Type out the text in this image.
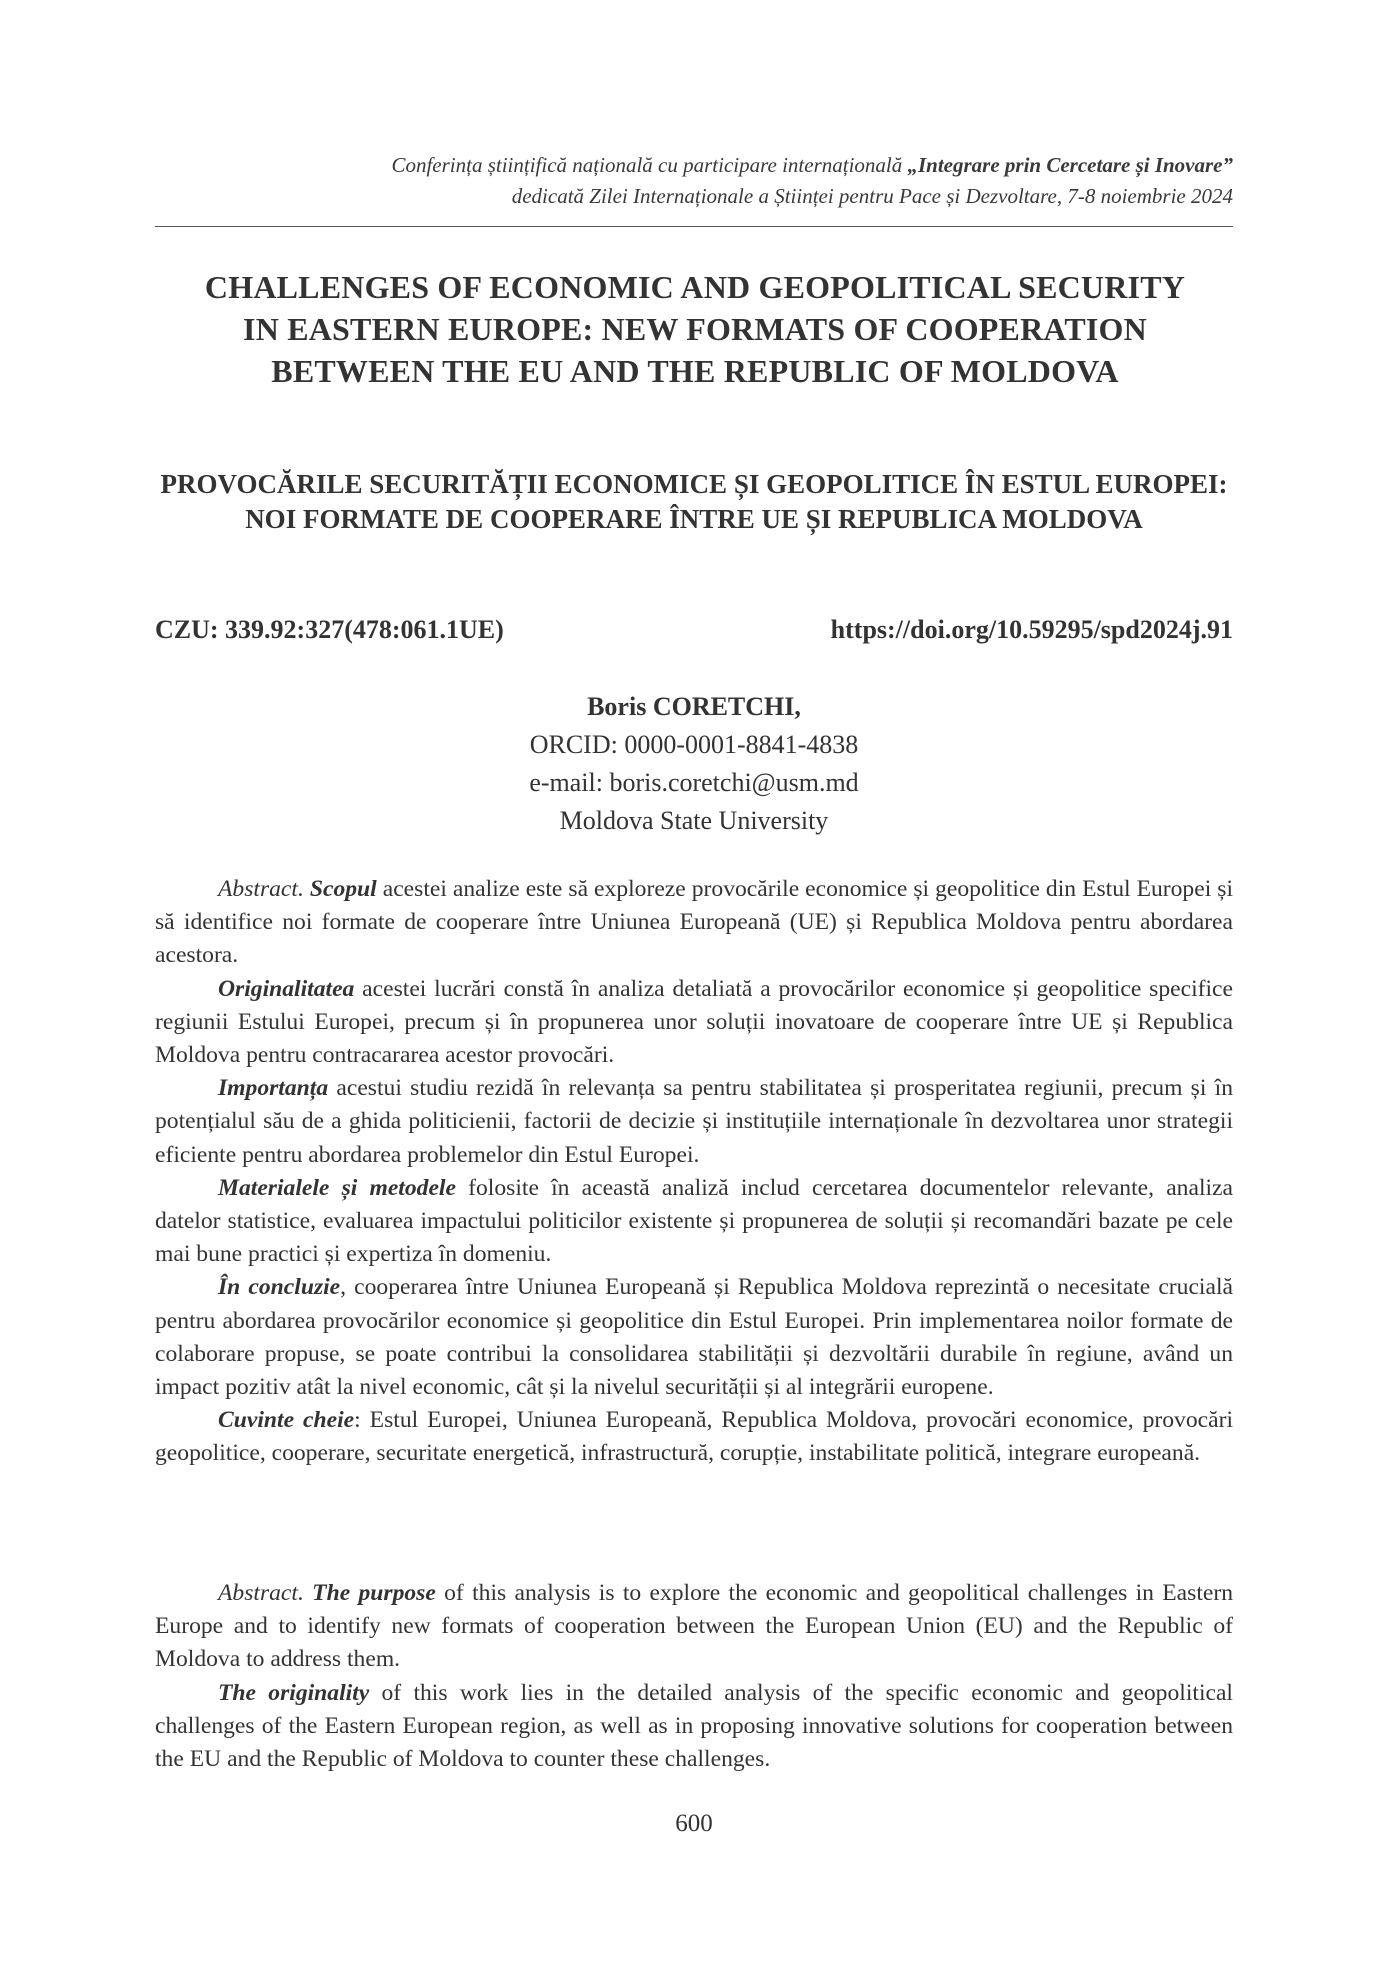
Conferința științifică națională cu participare internațională „Integrare prin Cercetare și Inovare”
dedicată Zilei Internaționale a Științei pentru Pace și Dezvoltare, 7-8 noiembrie 2024
CHALLENGES OF ECONOMIC AND GEOPOLITICAL SECURITY IN EASTERN EUROPE: NEW FORMATS OF COOPERATION BETWEEN THE EU AND THE REPUBLIC OF MOLDOVA
PROVOCĂRILE SECURITĂȚII ECONOMICE ȘI GEOPOLITICE ÎN ESTUL EUROPEI: NOI FORMATE DE COOPERARE ÎNTRE UE ȘI REPUBLICA MOLDOVA
CZU: 339.92:327(478:061.1UE)	https://doi.org/10.59295/spd2024j.91
Boris CORETCHI,
ORCID: 0000-0001-8841-4838
e-mail: boris.coretchi@usm.md
Moldova State University

Abstract. Scopul acestei analize este să exploreze provocările economice și geopolitice din Estul Europei și să identifice noi formate de cooperare între Uniunea Europeană (UE) și Republica Moldova pentru abordarea acestora.

Originalitatea acestei lucrări constă în analiza detaliată a provocărilor economice și geopolitice specifice regiunii Estului Europei, precum și în propunerea unor soluții inovatoare de cooperare între UE și Republica Moldova pentru contracararea acestor provocări.

Importanța acestui studiu rezidă în relevanța sa pentru stabilitatea și prosperitatea regiunii, precum și în potențialul său de a ghida politicienii, factorii de decizie și instituțiile internaționale în dezvoltarea unor strategii eficiente pentru abordarea problemelor din Estul Europei.

Materialele și metodele folosite în această analiză includ cercetarea documentelor relevante, analiza datelor statistice, evaluarea impactului politicilor existente și propunerea de soluții și recomandări bazate pe cele mai bune practici și expertiza în domeniu.

În concluzie, cooperarea între Uniunea Europeană și Republica Moldova reprezintă o necesitate crucială pentru abordarea provocărilor economice și geopolitice din Estul Europei. Prin implementarea noilor formate de colaborare propuse, se poate contribui la consolidarea stabilității și dezvoltării durabile în regiune, având un impact pozitiv atât la nivel economic, cât și la nivelul securității și al integrării europene.

Cuvinte cheie: Estul Europei, Uniunea Europeană, Republica Moldova, provocări economice, provocări geopolitice, cooperare, securitate energetică, infrastructură, corupție, instabilitate politică, integrare europeană.

Abstract. The purpose of this analysis is to explore the economic and geopolitical challenges in Eastern Europe and to identify new formats of cooperation between the European Union (EU) and the Republic of Moldova to address them.

The originality of this work lies in the detailed analysis of the specific economic and geopolitical challenges of the Eastern European region, as well as in proposing innovative solutions for cooperation between the EU and the Republic of Moldova to counter these challenges.

600
